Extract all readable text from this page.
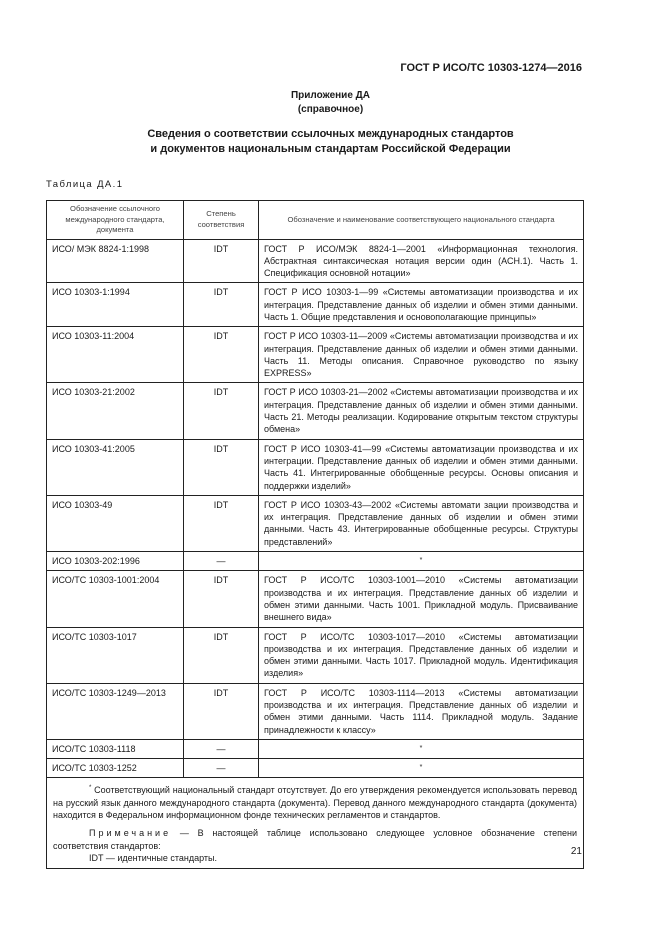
ГОСТ Р ИСО/ТС 10303-1274—2016
Приложение ДА
(справочное)
Сведения о соответствии ссылочных международных стандартов
и документов национальным стандартам Российской Федерации
Таблица ДА.1
Обозначение ссылочного международного стандарта, документа	Степень соответствия	Обозначение и наименование соответствующего национального стандарта
ИСО/ МЭК 8824-1:1998	IDT	ГОСТ Р ИСО/МЭК 8824-1—2001 «Информационная технология. Абстрактная синтаксическая нотация версии один (АСН.1). Часть 1. Спецификация основной нотации»
ИСО 10303-1:1994	IDT	ГОСТ Р ИСО 10303-1—99 «Системы автоматизации производства и их интеграция. Представление данных об изделии и обмен этими данными. Часть 1. Общие представления и основополагающие принципы»
ИСО 10303-11:2004	IDT	ГОСТ Р ИСО 10303-11—2009 «Системы автоматизации производства и их интеграция. Представление данных об изделии и обмен этими данными. Часть 11. Методы описания. Справочное руководство по языку EXPRESS»
ИСО 10303-21:2002	IDT	ГОСТ Р ИСО 10303-21—2002 «Системы автоматизации производства и их интеграция. Представление данных об изделии и обмен этими данными. Часть 21. Методы реализации. Кодирование открытым текстом структуры обмена»
ИСО 10303-41:2005	IDT	ГОСТ Р ИСО 10303-41—99 «Системы автоматизации производства и их интеграции. Представление данных об изделии и обмен этими данными. Часть 41. Интегрированные обобщенные ресурсы. Основы описания и поддержки изделий»
ИСО 10303-49	IDT	ГОСТ Р ИСО 10303-43—2002 «Системы автомати зации производства и их интеграция. Представление данных об изделии и обмен этими данными. Часть 43. Интегрированные обобщенные ресурсы. Структуры представлений»
ИСО 10303-202:1996	—	*
ИСО/ТС 10303-1001:2004	IDT	ГОСТ Р ИСО/ТС 10303-1001—2010 «Системы автоматизации производства и их интеграция. Представление данных об изделии и обмен этими данными. Часть 1001. Прикладной модуль. Присваивание внешнего вида»
ИСО/ТС 10303-1017	IDT	ГОСТ Р ИСО/ТС 10303-1017—2010 «Системы автоматизации производства и их интеграция. Представление данных об изделии и обмен этими данными. Часть 1017. Прикладной модуль. Идентификация изделия»
ИСО/ТС 10303-1249—2013	IDT	ГОСТ Р ИСО/ТС 10303-1114—2013 «Системы автоматизации производства и их интеграция. Представление данных об изделии и обмен этими данными. Часть 1114. Прикладной модуль. Задание принадлежности к классу»
ИСО/ТС 10303-1118	—	*
ИСО/ТС 10303-1252	—	*

* Соответствующий национальный стандарт отсутствует. До его утверждения рекомендуется использовать перевод на русский язык данного международного стандарта (документа). Перевод данного международного стандарта (документа) находится в Федеральном информационном фонде технических регламентов и стандартов.

Примечание — В настоящей таблице использовано следующее условное обозначение степени соответствия стандартов:

IDT — идентичные стандарты.		

21
